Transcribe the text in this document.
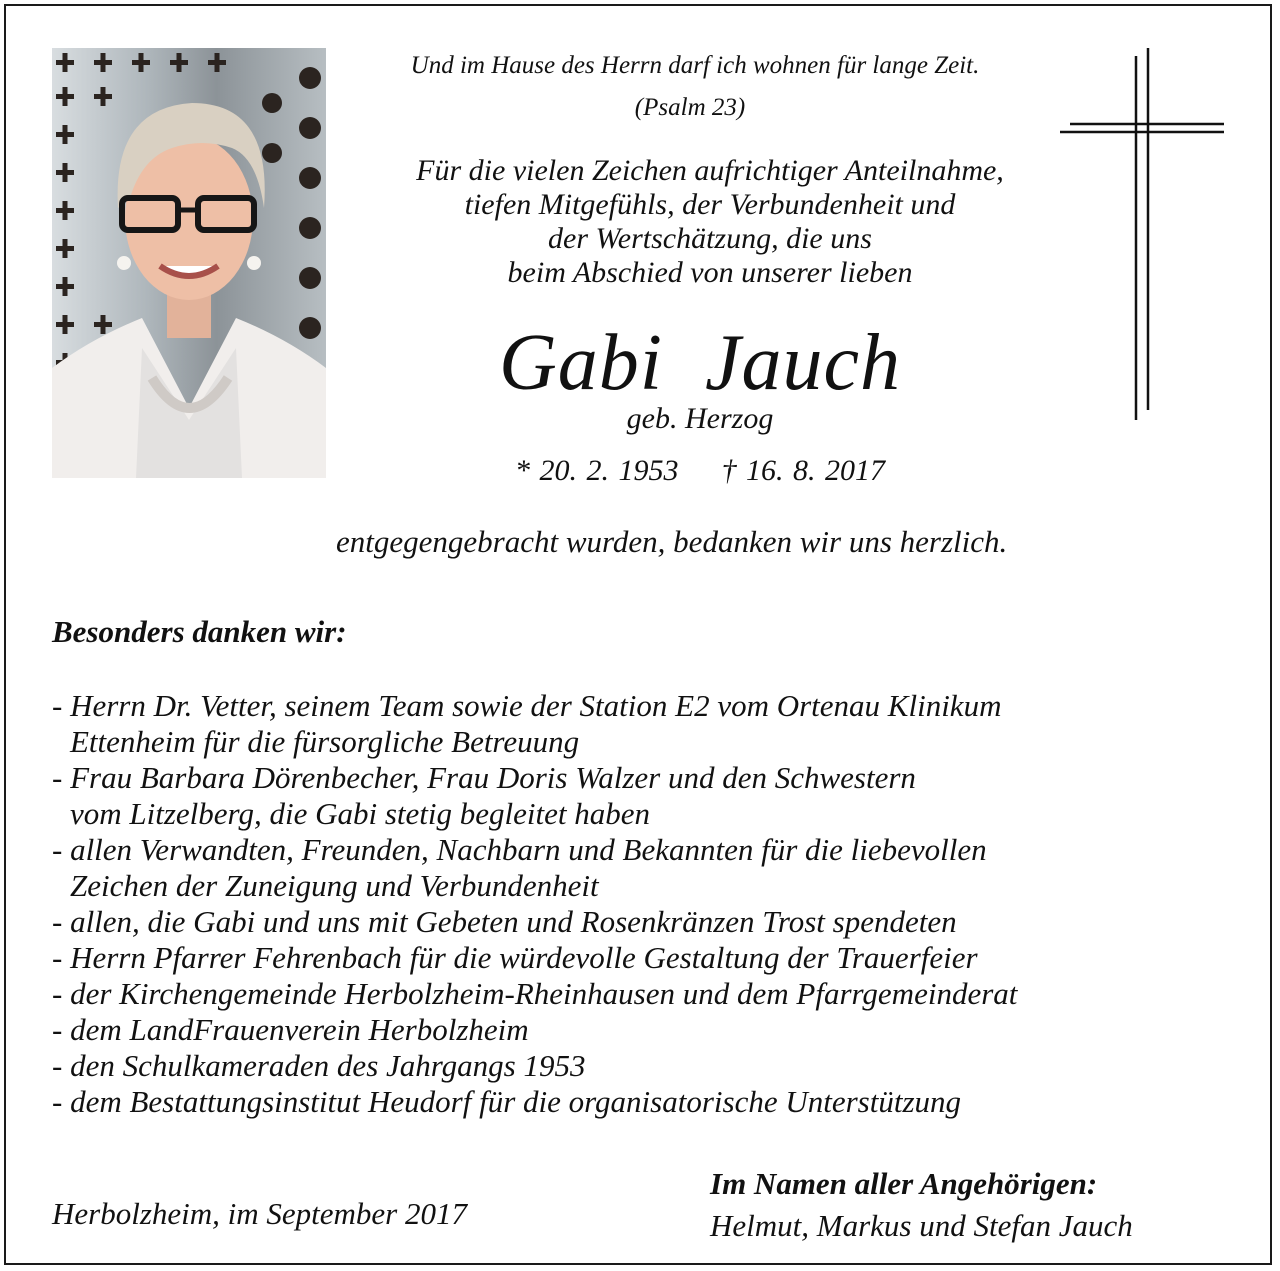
Und im Hause des Herrn darf ich wohnen für lange Zeit.
(Psalm 23)
Für die vielen Zeichen aufrichtiger Anteilnahme,
tiefen Mitgefühls, der Verbundenheit und
der Wertschätzung, die uns
beim Abschied von unserer lieben
Gabi  Jauch
geb. Herzog
* 20. 2. 1953 † 16. 8. 2017
entgegengebracht wurden, bedanken wir uns herzlich.
Besonders danken wir:
- Herrn Dr. Vetter, seinem Team sowie der Station E2 vom Ortenau Klinikum
Ettenheim für die fürsorgliche Betreuung
- Frau Barbara Dörenbecher, Frau Doris Walzer und den Schwestern
vom Litzelberg, die Gabi stetig begleitet haben
- allen Verwandten, Freunden, Nachbarn und Bekannten für die liebevollen
Zeichen der Zuneigung und Verbundenheit
- allen, die Gabi und uns mit Gebeten und Rosenkränzen Trost spendeten
- Herrn Pfarrer Fehrenbach für die würdevolle Gestaltung der Trauerfeier
- der Kirchengemeinde Herbolzheim-Rheinhausen und dem Pfarrgemeinderat
- dem LandFrauenverein Herbolzheim
- den Schulkameraden des Jahrgangs 1953
- dem Bestattungsinstitut Heudorf für die organisatorische Unterstützung
Herbolzheim, im September 2017
Im Namen aller Angehörigen:
Helmut, Markus und Stefan Jauch
